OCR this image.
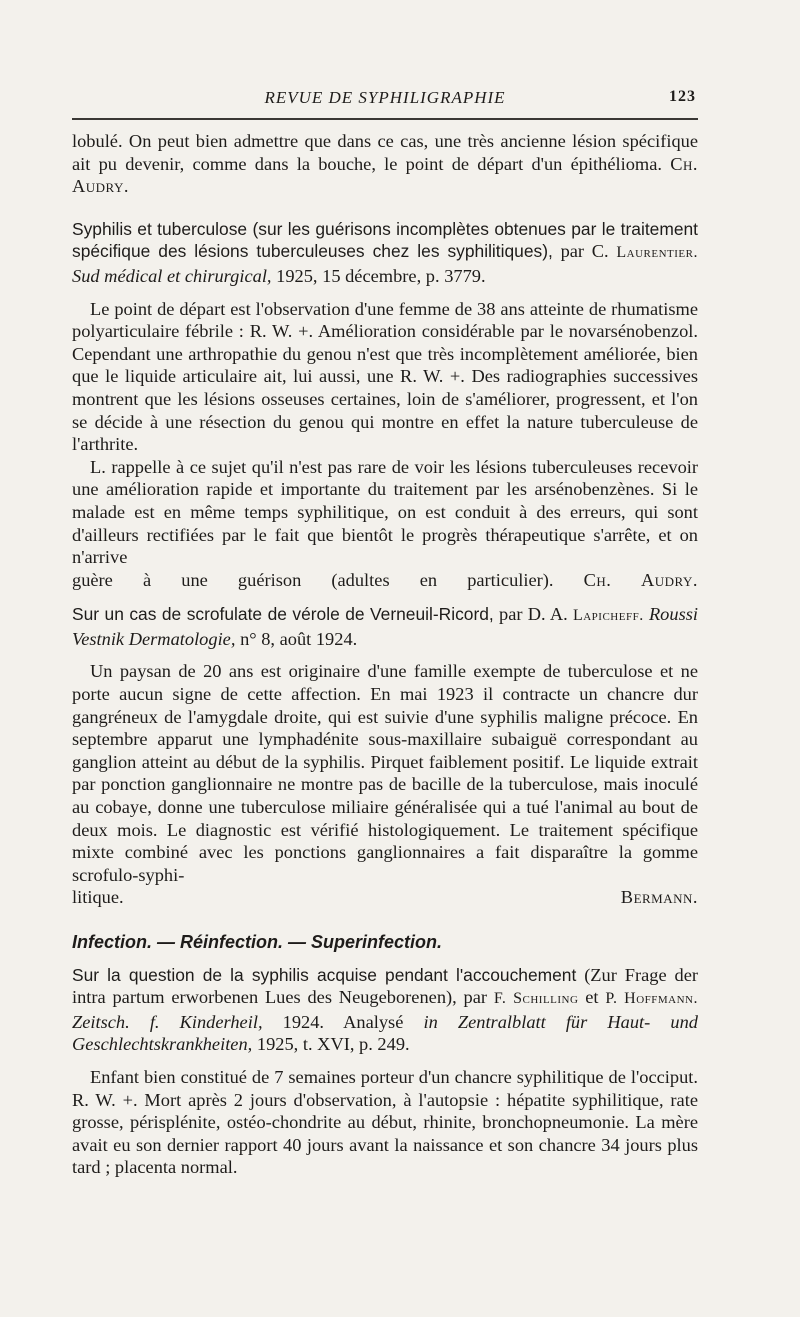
REVUE DE SYPHILIGRAPHIE	123

lobulé. On peut bien admettre que dans ce cas, une très ancienne lésion spécifique ait pu devenir, comme dans la bouche, le point de départ d'un épithélioma. Ch. Audry.

Syphilis et tuberculose (sur les guérisons incomplètes obtenues par le traitement spécifique des lésions tuberculeuses chez les syphilitiques), par C. Laurentier. Sud médical et chirurgical, 1925, 15 décembre, p. 3779.

Le point de départ est l'observation d'une femme de 38 ans atteinte de rhumatisme polyarticulaire fébrile : R. W. +. Amélioration considérable par le novarsénobenzol. Cependant une arthropathie du genou n'est que très incomplètement améliorée, bien que le liquide articulaire ait, lui aussi, une R. W. +. Des radiographies successives montrent que les lésions osseuses certaines, loin de s'améliorer, progressent, et l'on se décide à une résection du genou qui montre en effet la nature tuberculeuse de l'arthrite.

L. rappelle à ce sujet qu'il n'est pas rare de voir les lésions tuberculeuses recevoir une amélioration rapide et importante du traitement par les arsénobenzènes. Si le malade est en même temps syphilitique, on est conduit à des erreurs, qui sont d'ailleurs rectifiées par le fait que bientôt le progrès thérapeutique s'arrête, et on n'arrive

guère à une guérison (adultes en particulier). Ch. Audry.

Sur un cas de scrofulate de vérole de Verneuil-Ricord, par D. A. Lapicheff. Roussi Vestnik Dermatologie, n° 8, août 1924.

Un paysan de 20 ans est originaire d'une famille exempte de tuberculose et ne porte aucun signe de cette affection. En mai 1923 il contracte un chancre dur gangréneux de l'amygdale droite, qui est suivie d'une syphilis maligne précoce. En septembre apparut une lymphadénite sous-maxillaire subaiguë correspondant au ganglion atteint au début de la syphilis. Pirquet faiblement positif. Le liquide extrait par ponction ganglionnaire ne montre pas de bacille de la tuberculose, mais inoculé au cobaye, donne une tuberculose miliaire généralisée qui a tué l'animal au bout de deux mois. Le diagnostic est vérifié histologiquement. Le traitement spécifique mixte combiné avec les ponctions ganglionnaires a fait disparaître la gomme scrofulo-syphi-

litique.	Bermann.

Infection. — Réinfection. — Superinfection.

Sur la question de la syphilis acquise pendant l'accouchement (Zur Frage der intra partum erworbenen Lues des Neugeborenen), par F. Schilling et P. Hoffmann. Zeitsch. f. Kinderheil, 1924. Analysé in Zentralblatt für Haut- und Geschlechtskrankheiten, 1925, t. XVI, p. 249.

Enfant bien constitué de 7 semaines porteur d'un chancre syphilitique de l'occiput. R. W. +. Mort après 2 jours d'observation, à l'autopsie : hépatite syphilitique, rate grosse, périsplénite, ostéo-chondrite au début, rhinite, bronchopneumonie. La mère avait eu son dernier rapport 40 jours avant la naissance et son chancre 34 jours plus tard ; placenta normal.
